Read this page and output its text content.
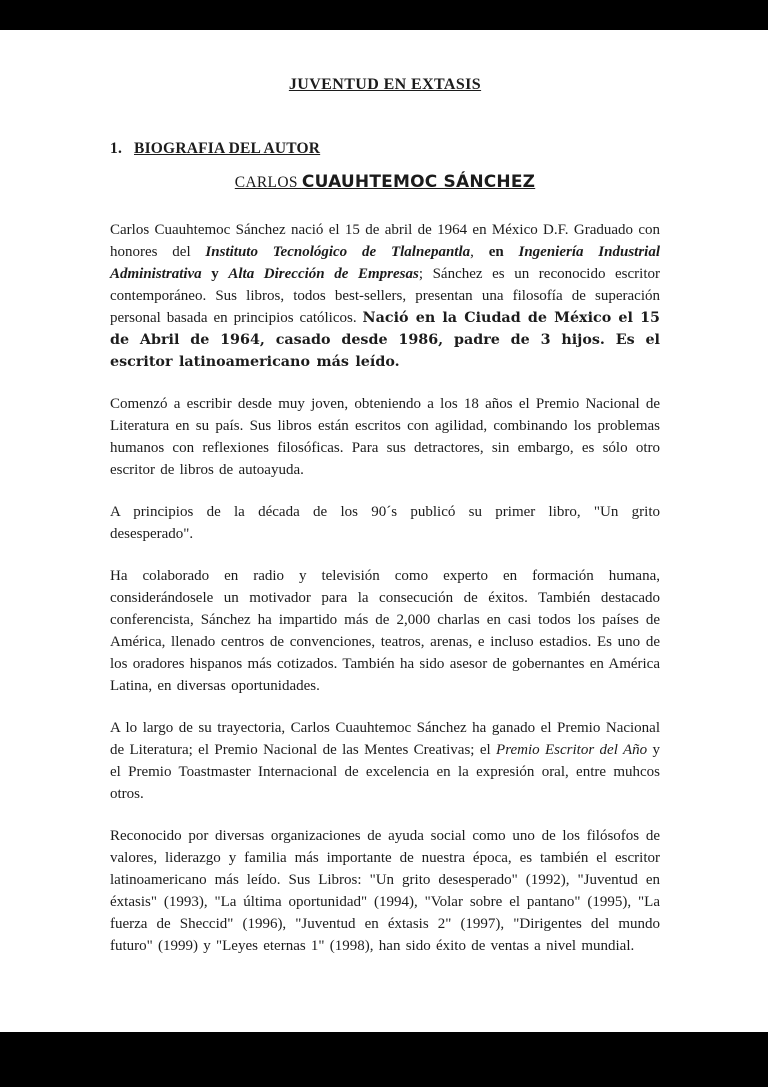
JUVENTUD EN EXTASIS
1. BIOGRAFIA DEL AUTOR
CARLOS CUAUHTEMOC SÁNCHEZ

Carlos Cuauhtemoc Sánchez nació el 15 de abril de 1964 en México D.F. Graduado con honores del Instituto Tecnológico de Tlalnepantla, en Ingeniería Industrial Administrativa y Alta Dirección de Empresas; Sánchez es un reconocido escritor contemporáneo. Sus libros, todos best-sellers, presentan una filosofía de superación personal basada en principios católicos. Nació en la Ciudad de México el 15 de Abril de 1964, casado desde 1986, padre de 3 hijos. Es el escritor latinoamericano más leído.

Comenzó a escribir desde muy joven, obteniendo a los 18 años el Premio Nacional de Literatura en su país. Sus libros están escritos con agilidad, combinando los problemas humanos con reflexiones filosóficas. Para sus detractores, sin embargo, es sólo otro escritor de libros de autoayuda.

A principios de la década de los 90´s publicó su primer libro, "Un grito desesperado".

Ha colaborado en radio y televisión como experto en formación humana, considerándosele un motivador para la consecución de éxitos. También destacado conferencista, Sánchez ha impartido más de 2,000 charlas en casi todos los países de América, llenado centros de convenciones, teatros, arenas, e incluso estadios. Es uno de los oradores hispanos más cotizados. También ha sido asesor de gobernantes en América Latina, en diversas oportunidades.

A lo largo de su trayectoria, Carlos Cuauhtemoc Sánchez ha ganado el Premio Nacional de Literatura; el Premio Nacional de las Mentes Creativas; el Premio Escritor del Año y el Premio Toastmaster Internacional de excelencia en la expresión oral, entre muhcos otros.

Reconocido por diversas organizaciones de ayuda social como uno de los filósofos de valores, liderazgo y familia más importante de nuestra época, es también el escritor latinoamericano más leído. Sus Libros: "Un grito desesperado" (1992), "Juventud en éxtasis" (1993), "La última oportunidad" (1994), "Volar sobre el pantano" (1995), "La fuerza de Sheccid" (1996), "Juventud en éxtasis 2" (1997), "Dirigentes del mundo futuro" (1999) y "Leyes eternas 1" (1998), han sido éxito de ventas a nivel mundial.
